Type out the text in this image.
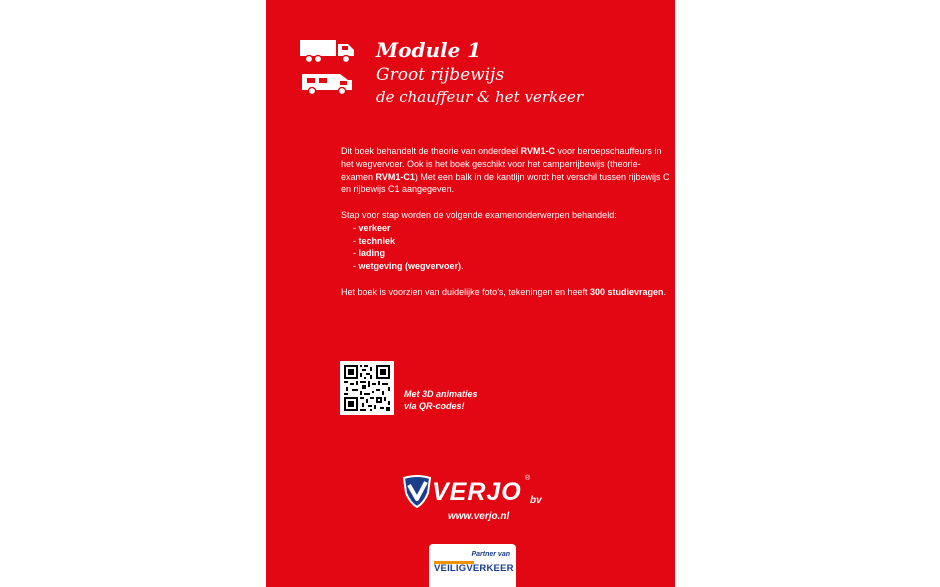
Module 1
Groot rijbewijs
de chauffeur & het verkeer

Dit boek behandelt de theorie van onderdeel RVM1-C voor beroepschauffeurs in het wegvervoer. Ook is het boek geschikt voor het camperrijbewijs (theorie-examen RVM1-C1) Met een balk in de kantlijn wordt het verschil tussen rijbewijs C en rijbewijs C1 aangegeven.

Stap voor stap worden de volgende examenonderwerpen behandeld:

- verkeer
- techniek
- lading
- wetgeving (wegvervoer).

Het boek is voorzien van duidelijke foto’s, tekeningen en heeft 300 studievragen.

Met 3D animaties
via QR-codes!
VERJO ®
bv
www.verjo.nl
Partner van
VEILIGVERKEER
